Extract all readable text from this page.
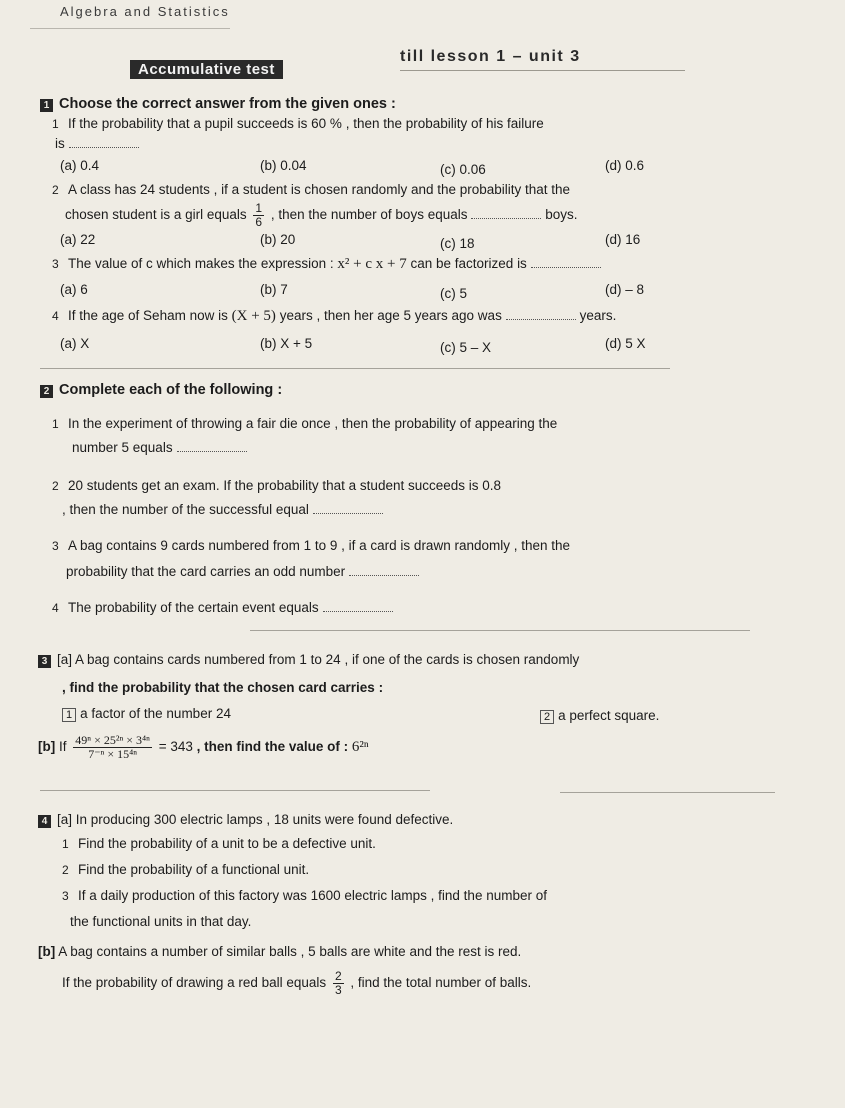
Algebra and Statistics
Accumulative test
till lesson 1 – unit 3
1 Choose the correct answer from the given ones :
1 If the probability that a pupil succeeds is 60 % , then the probability of his failure
is
(a) 0.4	(b) 0.04	(c) 0.06	(d) 0.6
2 A class has 24 students , if a student is chosen randomly and the probability that the
chosen student is a girl equals $\frac{1}{6}$ , then the number of boys equals	boys.
(a) 22	(b) 20	(c) 18	(d) 16
3 The value of c which makes the expression : x² + c x + 7 can be factorized is
(a) 6	(b) 7	(c) 5	(d) – 8
4 If the age of Seham now is (X + 5) years , then her age 5 years ago was	years.
(a) X	(b) X + 5	(c) 5 – X	(d) 5 X
2 Complete each of the following :
1 In the experiment of throwing a fair die once , then the probability of appearing the
number 5 equals
2 20 students get an exam. If the probability that a student succeeds is 0.8
, then the number of the successful equal
3 A bag contains 9 cards numbered from 1 to 9 , if a card is drawn randomly , then the
probability that the card carries an odd number
4 The probability of the certain event equals
3 [a] A bag contains cards numbered from 1 to 24 , if one of the cards is chosen randomly
, find the probability that the chosen card carries :
1 a factor of the number 24	2 a perfect square.
[b] If $\frac{\text{49ⁿ × 25²ⁿ × 3⁴ⁿ}}{\text{7⁻ⁿ × 15⁴ⁿ}} = 343$ , then find the value of : 6²ⁿ
4 [a] In producing 300 electric lamps , 18 units were found defective.
1 Find the probability of a unit to be a defective unit.
2 Find the probability of a functional unit.
3 If a daily production of this factory was 1600 electric lamps , find the number of
the functional units in that day.
[b] A bag contains a number of similar balls , 5 balls are white and the rest is red.
If the probability of drawing a red ball equals $\frac{2}{3}$ , find the total number of balls.
